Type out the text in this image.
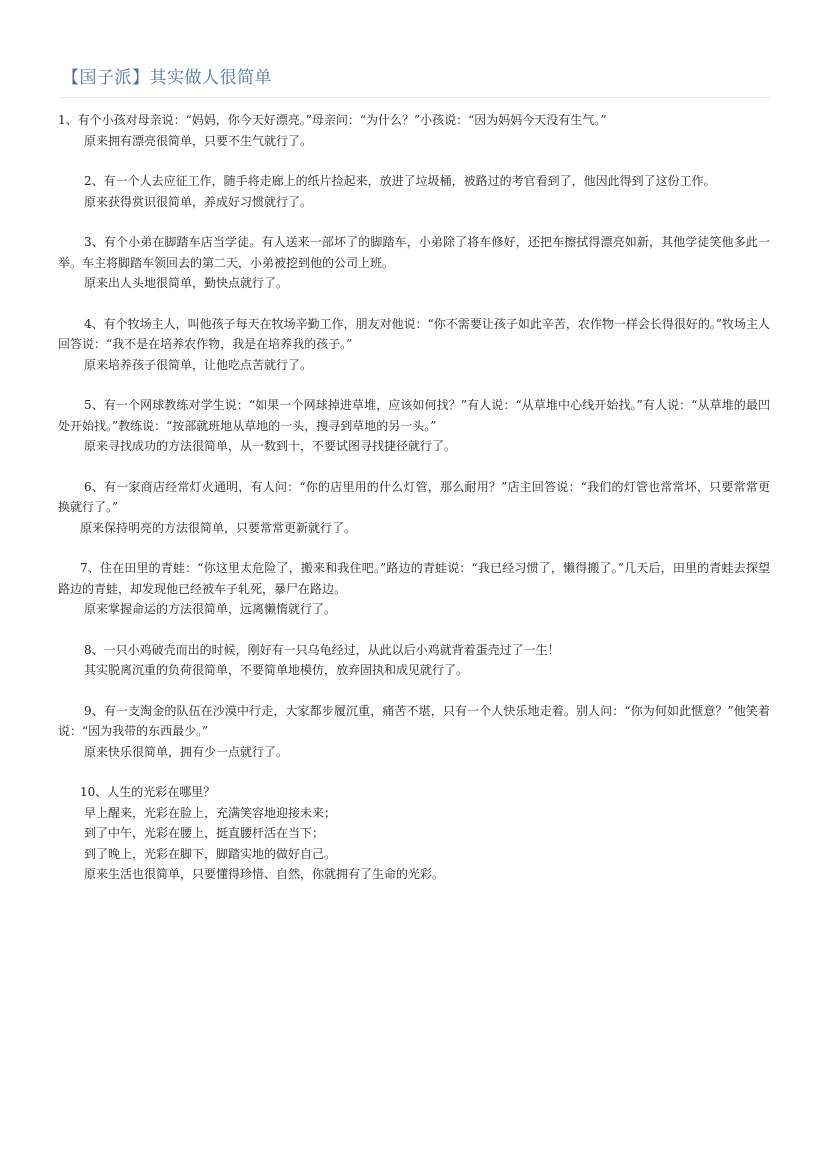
【国子派】其实做人很简单

1、有个小孩对母亲说：“妈妈，你今天好漂亮。”母亲问：“为什么？”小孩说：“因为妈妈今天没有生气。”

原来拥有漂亮很简单，只要不生气就行了。

2、有一个人去应征工作，随手将走廊上的纸片捡起来，放进了垃圾桶，被路过的考官看到了，他因此得到了这份工作。

原来获得赏识很简单，养成好习惯就行了。

3、有个小弟在脚踏车店当学徒。有人送来一部坏了的脚踏车，小弟除了将车修好，还把车擦拭得漂亮如新，其他学徒笑他多此一举。车主将脚踏车领回去的第二天，小弟被挖到他的公司上班。

原来出人头地很简单，勤快点就行了。

4、有个牧场主人，叫他孩子每天在牧场辛勤工作，朋友对他说：“你不需要让孩子如此辛苦，农作物一样会长得很好的。”牧场主人回答说：“我不是在培养农作物，我是在培养我的孩子。”

原来培养孩子很简单，让他吃点苦就行了。

5、有一个网球教练对学生说：“如果一个网球掉进草堆，应该如何找？”有人说：“从草堆中心线开始找。”有人说：“从草堆的最凹处开始找。”教练说：“按部就班地从草地的一头，搜寻到草地的另一头。”

原来寻找成功的方法很简单，从一数到十，不要试图寻找捷径就行了。

6、有一家商店经常灯火通明，有人问：“你的店里用的什么灯管，那么耐用？”店主回答说：“我们的灯管也常常坏，只要常常更换就行了。”

原来保持明亮的方法很简单，只要常常更新就行了。

7、住在田里的青蛙：“你这里太危险了，搬来和我住吧。”路边的青蛙说：“我已经习惯了，懒得搬了。”几天后，田里的青蛙去探望路边的青蛙，却发现他已经被车子轧死，暴尸在路边。

原来掌握命运的方法很简单，远离懒惰就行了。

8、一只小鸡破壳而出的时候，刚好有一只乌龟经过，从此以后小鸡就背着蛋壳过了一生！

其实脱离沉重的负荷很简单，不要简单地模仿，放弃固执和成见就行了。

9、有一支淘金的队伍在沙漠中行走，大家都步履沉重，痛苦不堪，只有一个人快乐地走着。别人问：“你为何如此惬意？”他笑着说：“因为我带的东西最少。”

原来快乐很简单，拥有少一点就行了。

10、人生的光彩在哪里？

早上醒来，光彩在脸上，充满笑容地迎接未来；

到了中午，光彩在腰上，挺直腰杆活在当下；

到了晚上，光彩在脚下，脚踏实地的做好自己。

原来生活也很简单，只要懂得珍惜、自然，你就拥有了生命的光彩。
